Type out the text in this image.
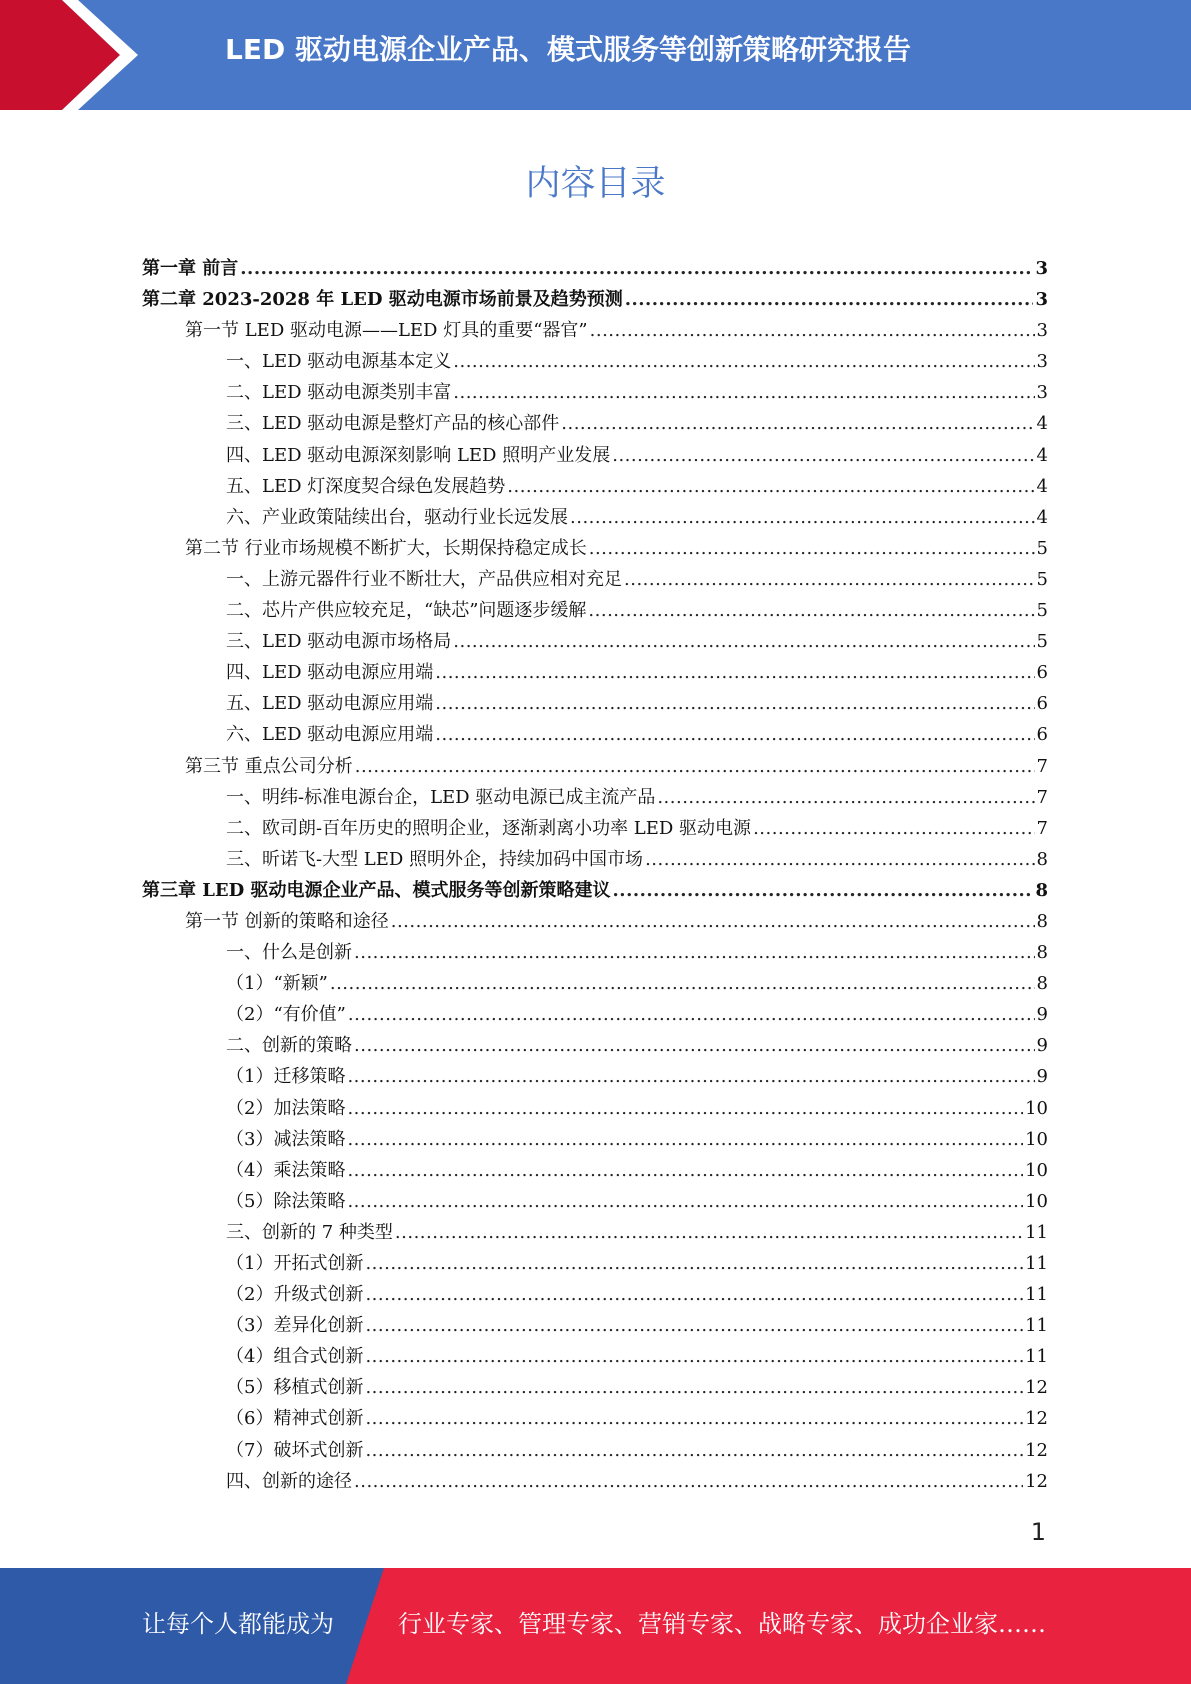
LED 驱动电源企业产品、模式服务等创新策略研究报告
内容目录
第一章 前言 .....	3
第二章 2023-2028 年 LED 驱动电源市场前景及趋势预测 .....	3
第一节 LED 驱动电源——LED 灯具的重要“器官” .....	3
一、LED 驱动电源基本定义 .....	3
二、LED 驱动电源类别丰富 .....	3
三、LED 驱动电源是整灯产品的核心部件 .....	4
四、LED 驱动电源深刻影响 LED 照明产业发展 .....	4
五、LED 灯深度契合绿色发展趋势 .....	4
六、产业政策陆续出台，驱动行业长远发展 .....	4
第二节 行业市场规模不断扩大，长期保持稳定成长 .....	5
一、上游元器件行业不断壮大，产品供应相对充足 .....	5
二、芯片产供应较充足，“缺芯”问题逐步缓解 .....	5
三、LED 驱动电源市场格局 .....	5
四、LED 驱动电源应用端 .....	6
五、LED 驱动电源应用端 .....	6
六、LED 驱动电源应用端 .....	6
第三节 重点公司分析 .....	7
一、明纬-标准电源台企，LED 驱动电源已成主流产品 .....	7
二、欧司朗-百年历史的照明企业，逐渐剥离小功率 LED 驱动电源 .....	7
三、昕诺飞-大型 LED 照明外企，持续加码中国市场 .....	8
第三章 LED 驱动电源企业产品、模式服务等创新策略建议 .....	8
第一节 创新的策略和途径 .....	8
一、什么是创新 .....	8
（1）“新颖” .....	8
（2）“有价值” .....	9
二、创新的策略 .....	9
（1）迁移策略 .....	9
（2）加法策略 .....	10
（3）减法策略 .....	10
（4）乘法策略 .....	10
（5）除法策略 .....	10
三、创新的 7 种类型 .....	11
（1）开拓式创新 .....	11
（2）升级式创新 .....	11
（3）差异化创新 .....	11
（4）组合式创新 .....	11
（5）移植式创新 .....	12
（6）精神式创新 .....	12
（7）破坏式创新 .....	12
四、创新的途径 .....	12
1
让每个人都能成为	行业专家、管理专家、营销专家、战略专家、成功企业家……
